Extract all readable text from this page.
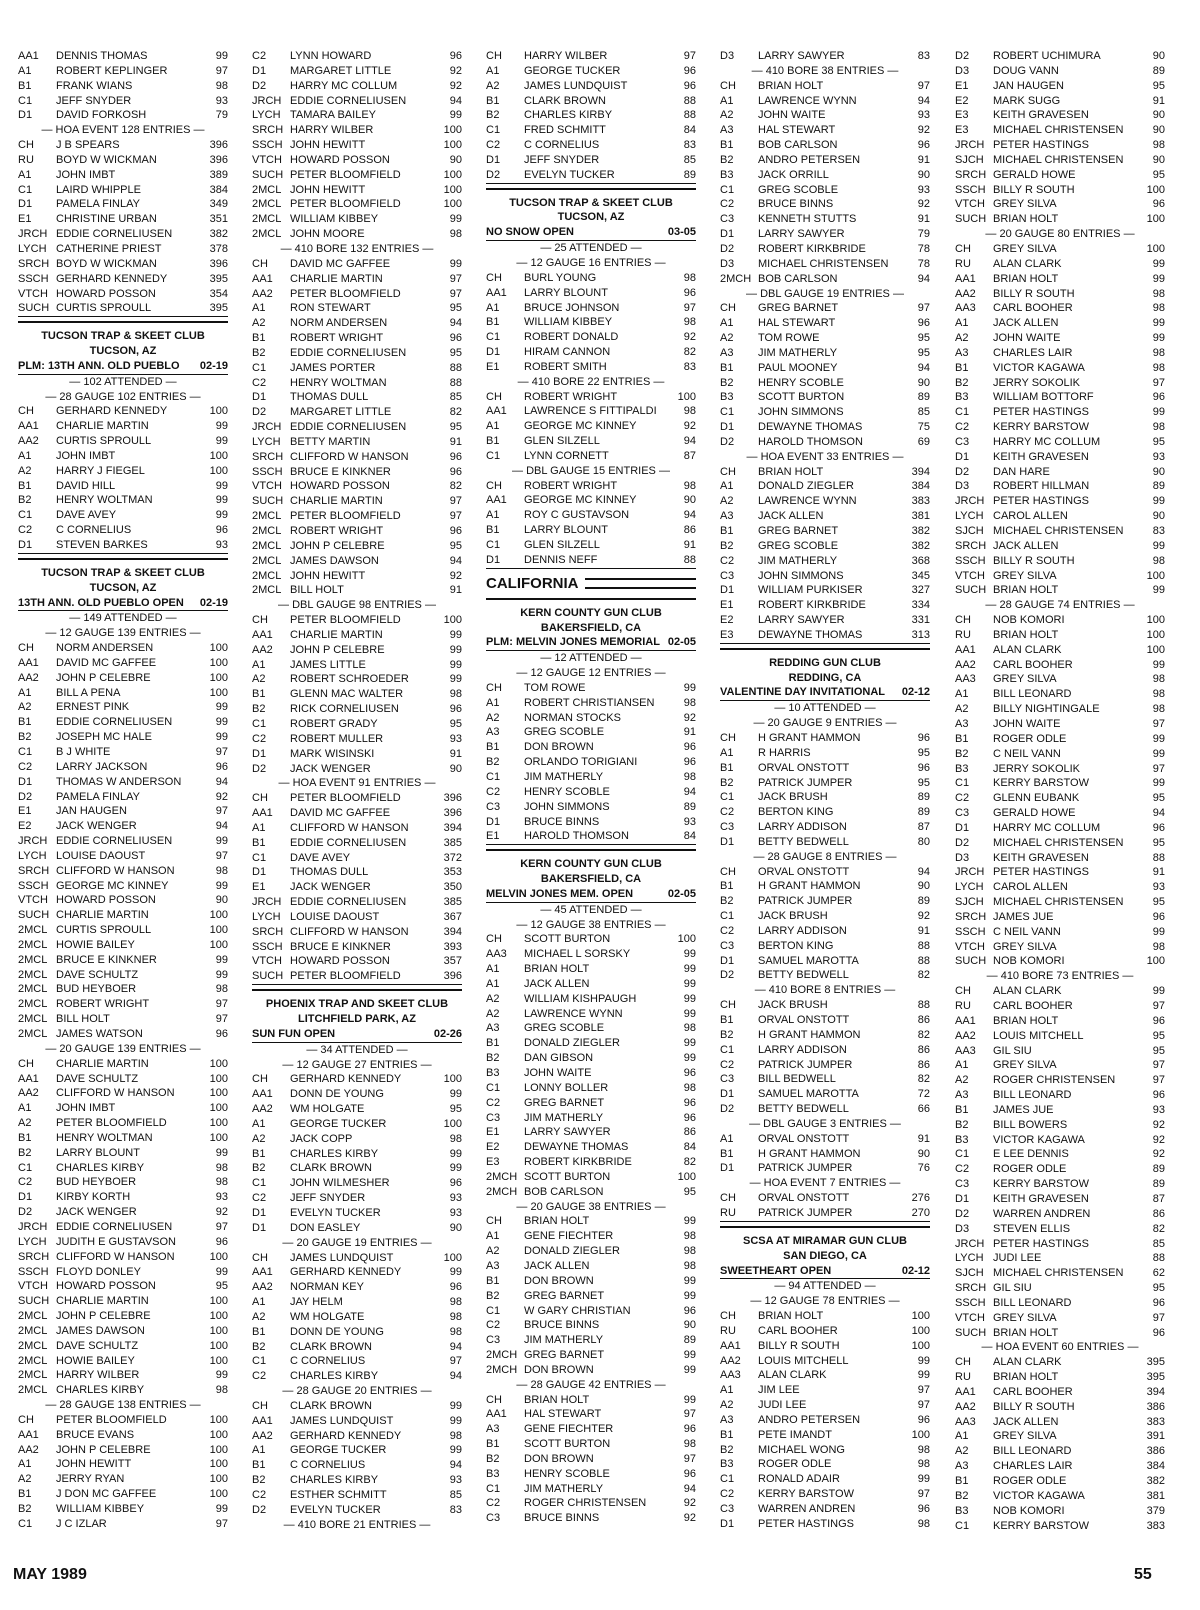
AA1	DENNIS THOMAS	99
A1	ROBERT KEPLINGER	97
B1	FRANK WIANS	98
C1	JEFF SNYDER	93
D1	DAVID FORKOSH	79
— HOA EVENT 128 ENTRIES —
CH	J B SPEARS	396
RU	BOYD W WICKMAN	396
A1	JOHN IMBT	389
C1	LAIRD WHIPPLE	384
D1	PAMELA FINLAY	349
E1	CHRISTINE URBAN	351
JRCH EDDIE CORNELIUSEN	382
LYCH CATHERINE PRIEST	378
SRCH BOYD W WICKMAN	396
SSCH GERHARD KENNEDY	395
VTCH HOWARD POSSON	354
SUCH CURTIS SPROULL	395
TUCSON TRAP & SKEET CLUB
TUCSON, AZ
PLM: 13TH ANN. OLD PUEBLO 02-19
— 102 ATTENDED —
— 28 GAUGE 102 ENTRIES —
CH	GERHARD KENNEDY	100
AA1	CHARLIE MARTIN	99
AA2	CURTIS SPROULL	99
A1	JOHN IMBT	100
A2	HARRY J FIEGEL	100
B1	DAVID HILL	99
B2	HENRY WOLTMAN	99
C1	DAVE AVEY	99
C2	C CORNELIUS	96
D1	STEVEN BARKES	93
TUCSON TRAP & SKEET CLUB
TUCSON, AZ
13TH ANN. OLD PUEBLO OPEN 02-19
— 149 ATTENDED —
— 12 GAUGE 139 ENTRIES —
CH	NORM ANDERSEN	100
AA1	DAVID MC GAFFEE	100
AA2	JOHN P CELEBRE	100
A1	BILL A PENA	100
A2	ERNEST PINK	99
B1	EDDIE CORNELIUSEN	99
B2	JOSEPH MC HALE	99
C1	B J WHITE	97
C2	LARRY JACKSON	96
D1	THOMAS W ANDERSON	94
D2	PAMELA FINLAY	92
E1	JAN HAUGEN	97
E2	JACK WENGER	94
JRCH EDDIE CORNELIUSEN	99
LYCH LOUISE DAOUST	97
SRCH CLIFFORD W HANSON	98
SSCH GEORGE MC KINNEY	99
VTCH HOWARD POSSON	90
SUCH CHARLIE MARTIN	100
2MCL CURTIS SPROULL	100
2MCL HOWIE BAILEY	100
2MCL BRUCE E KINKNER	99
2MCL DAVE SCHULTZ	99
2MCL BUD HEYBOER	98
2MCL ROBERT WRIGHT	97
2MCL BILL HOLT	97
2MCL JAMES WATSON	96
— 20 GAUGE 139 ENTRIES —
CH	CHARLIE MARTIN	100
AA1	DAVE SCHULTZ	100
AA2	CLIFFORD W HANSON	100
A1	JOHN IMBT	100
A2	PETER BLOOMFIELD	100
B1	HENRY WOLTMAN	100
B2	LARRY BLOUNT	99
C1	CHARLES KIRBY	98
C2	BUD HEYBOER	98
D1	KIRBY KORTH	93
D2	JACK WENGER	92
JRCH EDDIE CORNELIUSEN	97
LYCH JUDITH E GUSTAVSON	96
SRCH CLIFFORD W HANSON	100
SSCH FLOYD DONLEY	99
VTCH HOWARD POSSON	95
SUCH CHARLIE MARTIN	100
2MCL JOHN P CELEBRE	100
2MCL JAMES DAWSON	100
2MCL DAVE SCHULTZ	100
2MCL HOWIE BAILEY	100
2MCL HARRY WILBER	99
2MCL CHARLES KIRBY	98
— 28 GAUGE 138 ENTRIES —
CH	PETER BLOOMFIELD	100
AA1	BRUCE EVANS	100
AA2	JOHN P CELEBRE	100
A1	JOHN HEWITT	100
A2	JERRY RYAN	100
B1	J DON MC GAFFEE	100
B2	WILLIAM KIBBEY	99
C1	J C IZLAR	97
C2	LYNN HOWARD	96
D1	MARGARET LITTLE	92
D2	HARRY MC COLLUM	92
JRCH EDDIE CORNELIUSEN	94
LYCH TAMARA BAILEY	99
SRCH HARRY WILBER	100
SSCH JOHN HEWITT	100
VTCH HOWARD POSSON	90
SUCH PETER BLOOMFIELD	100
2MCL JOHN HEWITT	100
2MCL PETER BLOOMFIELD	100
2MCL WILLIAM KIBBEY	99
2MCL JOHN MOORE	98
— 410 BORE 132 ENTRIES —
CH	DAVID MC GAFFEE	99
AA1	CHARLIE MARTIN	97
AA2	PETER BLOOMFIELD	97
A1	RON STEWART	95
A2	NORM ANDERSEN	94
B1	ROBERT WRIGHT	96
B2	EDDIE CORNELIUSEN	95
C1	JAMES PORTER	88
C2	HENRY WOLTMAN	88
D1	THOMAS DULL	85
D2	MARGARET LITTLE	82
JRCH EDDIE CORNELIUSEN	95
LYCH BETTY MARTIN	91
SRCH CLIFFORD W HANSON	96
SSCH BRUCE E KINKNER	96
VTCH HOWARD POSSON	82
SUCH CHARLIE MARTIN	97
2MCL PETER BLOOMFIELD	97
2MCL ROBERT WRIGHT	96
2MCL JOHN P CELEBRE	95
2MCL JAMES DAWSON	94
2MCL JOHN HEWITT	92
2MCL BILL HOLT	91
— DBL GAUGE 98 ENTRIES —
CH	PETER BLOOMFIELD	100
AA1	CHARLIE MARTIN	99
AA2	JOHN P CELEBRE	99
A1	JAMES LITTLE	99
A2	ROBERT SCHROEDER	99
B1	GLENN MAC WALTER	98
B2	RICK CORNELIUSEN	96
C1	ROBERT GRADY	95
C2	ROBERT MULLER	93
D1	MARK WISINSKI	91
D2	JACK WENGER	90
— HOA EVENT 91 ENTRIES —
CH	PETER BLOOMFIELD	396
AA1	DAVID MC GAFFEE	396
A1	CLIFFORD W HANSON	394
B1	EDDIE CORNELIUSEN	385
C1	DAVE AVEY	372
D1	THOMAS DULL	353
E1	JACK WENGER	350
JRCH EDDIE CORNELIUSEN	385
LYCH LOUISE DAOUST	367
SRCH CLIFFORD W HANSON	394
SSCH BRUCE E KINKNER	393
VTCH HOWARD POSSON	357
SUCH PETER BLOOMFIELD	396
PHOENIX TRAP AND SKEET CLUB
LITCHFIELD PARK, AZ
SUN FUN OPEN	02-26
— 34 ATTENDED —
— 12 GAUGE 27 ENTRIES —
CH	GERHARD KENNEDY	100
AA1	DONN DE YOUNG	99
AA2	WM HOLGATE	95
A1	GEORGE TUCKER	100
A2	JACK COPP	98
B1	CHARLES KIRBY	99
B2	CLARK BROWN	99
C1	JOHN WILMESHER	96
C2	JEFF SNYDER	93
D1	EVELYN TUCKER	93
D1	DON EASLEY	90
— 20 GAUGE 19 ENTRIES —
CH	JAMES LUNDQUIST	100
AA1	GERHARD KENNEDY	99
AA2	NORMAN KEY	96
A1	JAY HELM	98
A2	WM HOLGATE	98
B1	DONN DE YOUNG	98
B2	CLARK BROWN	94
C1	C CORNELIUS	97
C2	CHARLES KIRBY	94
— 28 GAUGE 20 ENTRIES —
CH	CLARK BROWN	99
AA1	JAMES LUNDQUIST	99
AA2	GERHARD KENNEDY	98
A1	GEORGE TUCKER	99
B1	C CORNELIUS	94
B2	CHARLES KIRBY	93
C2	ESTHER SCHMITT	85
D2	EVELYN TUCKER	83
— 410 BORE 21 ENTRIES —
CH	HARRY WILBER	97
A1	GEORGE TUCKER	96
A2	JAMES LUNDQUIST	96
B1	CLARK BROWN	88
B2	CHARLES KIRBY	88
C1	FRED SCHMITT	84
C2	C CORNELIUS	83
D1	JEFF SNYDER	85
D2	EVELYN TUCKER	89
TUCSON TRAP & SKEET CLUB
TUCSON, AZ
NO SNOW OPEN	03-05
— 25 ATTENDED —
— 12 GAUGE 16 ENTRIES —
CH	BURL YOUNG	98
AA1	LARRY BLOUNT	96
A1	BRUCE JOHNSON	97
B1	WILLIAM KIBBEY	98
C1	ROBERT DONALD	92
D1	HIRAM CANNON	82
E1	ROBERT SMITH	83
— 410 BORE 22 ENTRIES —
CH	ROBERT WRIGHT	100
AA1	LAWRENCE S FITTIPALDI	98
A1	GEORGE MC KINNEY	92
B1	GLEN SILZELL	94
C1	LYNN CORNETT	87
— DBL GAUGE 15 ENTRIES —
CH	ROBERT WRIGHT	98
AA1	GEORGE MC KINNEY	90
A1	ROY C GUSTAVSON	94
B1	LARRY BLOUNT	86
C1	GLEN SILZELL	91
D1	DENNIS NEFF	88
CALIFORNIA
KERN COUNTY GUN CLUB
BAKERSFIELD, CA
PLM: MELVIN JONES MEMORIAL 02-05
— 12 ATTENDED —
— 12 GAUGE 12 ENTRIES —
CH	TOM ROWE	99
A1	ROBERT CHRISTIANSEN	98
A2	NORMAN STOCKS	92
A3	GREG SCOBLE	91
B1	DON BROWN	96
B2	ORLANDO TORIGIANI	96
C1	JIM MATHERLY	98
C2	HENRY SCOBLE	94
C3	JOHN SIMMONS	89
D1	BRUCE BINNS	93
E1	HAROLD THOMSON	84
KERN COUNTY GUN CLUB
BAKERSFIELD, CA
MELVIN JONES MEM. OPEN	02-05
— 45 ATTENDED —
— 12 GAUGE 38 ENTRIES —
CH	SCOTT BURTON	100
AA3	MICHAEL L SORSKY	99
A1	BRIAN HOLT	99
A1	JACK ALLEN	99
A2	WILLIAM KISHPAUGH	99
A2	LAWRENCE WYNN	99
A3	GREG SCOBLE	98
B1	DONALD ZIEGLER	99
B2	DAN GIBSON	99
B3	JOHN WAITE	96
C1	LONNY BOLLER	98
C2	GREG BARNET	96
C3	JIM MATHERLY	96
E1	LARRY SAWYER	86
E2	DEWAYNE THOMAS	84
E3	ROBERT KIRKBRIDE	82
2MCH SCOTT BURTON	100
2MCH BOB CARLSON	95
— 20 GAUGE 38 ENTRIES —
CH	BRIAN HOLT	99
A1	GENE FIECHTER	98
A2	DONALD ZIEGLER	98
A3	JACK ALLEN	98
B1	DON BROWN	99
B2	GREG BARNET	99
C1	W GARY CHRISTIAN	96
C2	BRUCE BINNS	90
C3	JIM MATHERLY	89
2MCH GREG BARNET	99
2MCH DON BROWN	99
— 28 GAUGE 42 ENTRIES —
CH	BRIAN HOLT	99
AA1	HAL STEWART	97
A3	GENE FIECHTER	96
B1	SCOTT BURTON	98
B2	DON BROWN	97
B3	HENRY SCOBLE	96
C1	JIM MATHERLY	94
C2	ROGER CHRISTENSEN	92
C3	BRUCE BINNS	92
D3	LARRY SAWYER	83
— 410 BORE 38 ENTRIES —
CH	BRIAN HOLT	97
A1	LAWRENCE WYNN	94
A2	JOHN WAITE	93
A3	HAL STEWART	92
B1	BOB CARLSON	96
B2	ANDRO PETERSEN	91
B3	JACK ORRILL	90
C1	GREG SCOBLE	93
C2	BRUCE BINNS	92
C3	KENNETH STUTTS	91
D1	LARRY SAWYER	79
D2	ROBERT KIRKBRIDE	78
D3	MICHAEL CHRISTENSEN	78
2MCH BOB CARLSON	94
— DBL GAUGE 19 ENTRIES —
CH	GREG BARNET	97
A1	HAL STEWART	96
A2	TOM ROWE	95
A3	JIM MATHERLY	95
B1	PAUL MOONEY	94
B2	HENRY SCOBLE	90
B3	SCOTT BURTON	89
C1	JOHN SIMMONS	85
D1	DEWAYNE THOMAS	75
D2	HAROLD THOMSON	69
— HOA EVENT 33 ENTRIES —
CH	BRIAN HOLT	394
A1	DONALD ZIEGLER	384
A2	LAWRENCE WYNN	383
A3	JACK ALLEN	381
B1	GREG BARNET	382
B2	GREG SCOBLE	382
C2	JIM MATHERLY	368
C3	JOHN SIMMONS	345
D1	WILLIAM PURKISER	327
E1	ROBERT KIRKBRIDE	334
E2	LARRY SAWYER	331
E3	DEWAYNE THOMAS	313
REDDING GUN CLUB
REDDING, CA
VALENTINE DAY INVITATIONAL 02-12
— 10 ATTENDED —
— 20 GAUGE 9 ENTRIES —
CH	H GRANT HAMMON	96
A1	R HARRIS	95
B1	ORVAL ONSTOTT	96
B2	PATRICK JUMPER	95
C1	JACK BRUSH	89
C2	BERTON KING	89
C3	LARRY ADDISON	87
D1	BETTY BEDWELL	80
— 28 GAUGE 8 ENTRIES —
CH	ORVAL ONSTOTT	94
B1	H GRANT HAMMON	90
B2	PATRICK JUMPER	89
C1	JACK BRUSH	92
C2	LARRY ADDISON	91
C3	BERTON KING	88
D1	SAMUEL MAROTTA	88
D2	BETTY BEDWELL	82
— 410 BORE 8 ENTRIES —
CH	JACK BRUSH	88
B1	ORVAL ONSTOTT	86
B2	H GRANT HAMMON	82
C1	LARRY ADDISON	86
C2	PATRICK JUMPER	86
C3	BILL BEDWELL	82
D1	SAMUEL MAROTTA	72
D2	BETTY BEDWELL	66
— DBL GAUGE 3 ENTRIES —
A1	ORVAL ONSTOTT	91
B1	H GRANT HAMMON	90
D1	PATRICK JUMPER	76
— HOA EVENT 7 ENTRIES —
CH	ORVAL ONSTOTT	276
RU	PATRICK JUMPER	270
SCSA AT MIRAMAR GUN CLUB
SAN DIEGO, CA
SWEETHEART OPEN	02-12
— 94 ATTENDED —
— 12 GAUGE 78 ENTRIES —
CH	BRIAN HOLT	100
RU	CARL BOOHER	100
AA1	BILLY R SOUTH	100
AA2	LOUIS MITCHELL	99
AA3	ALAN CLARK	99
A1	JIM LEE	97
A2	JUDI LEE	97
A3	ANDRO PETERSEN	96
B1	PETE IMANDT	100
B2	MICHAEL WONG	98
B3	ROGER ODLE	98
C1	RONALD ADAIR	99
C2	KERRY BARSTOW	97
C3	WARREN ANDREN	96
D1	PETER HASTINGS	98
D2	ROBERT UCHIMURA	90
D3	DOUG VANN	89
E1	JAN HAUGEN	95
E2	MARK SUGG	91
E3	KEITH GRAVESEN	90
E3	MICHAEL CHRISTENSEN	90
JRCH PETER HASTINGS	98
SJCH MICHAEL CHRISTENSEN	90
SRCH GERALD HOWE	95
SSCH BILLY R SOUTH	100
VTCH GREY SILVA	96
SUCH BRIAN HOLT	100
— 20 GAUGE 80 ENTRIES —
CH	GREY SILVA	100
RU	ALAN CLARK	99
AA1	BRIAN HOLT	99
AA2	BILLY R SOUTH	98
AA3	CARL BOOHER	98
A1	JACK ALLEN	99
A2	JOHN WAITE	99
A3	CHARLES LAIR	98
B1	VICTOR KAGAWA	98
B2	JERRY SOKOLIK	97
B3	WILLIAM BOTTORF	96
C1	PETER HASTINGS	99
C2	KERRY BARSTOW	98
C3	HARRY MC COLLUM	95
D1	KEITH GRAVESEN	93
D2	DAN HARE	90
D3	ROBERT HILLMAN	89
JRCH PETER HASTINGS	99
LYCH CAROL ALLEN	90
SJCH MICHAEL CHRISTENSEN	83
SRCH JACK ALLEN	99
SSCH BILLY R SOUTH	98
VTCH GREY SILVA	100
SUCH BRIAN HOLT	99
— 28 GAUGE 74 ENTRIES —
CH	NOB KOMORI	100
RU	BRIAN HOLT	100
AA1	ALAN CLARK	100
AA2	CARL BOOHER	99
AA3	GREY SILVA	98
A1	BILL LEONARD	98
A2	BILLY NIGHTINGALE	98
A3	JOHN WAITE	97
B1	ROGER ODLE	99
B2	C NEIL VANN	99
B3	JERRY SOKOLIK	97
C1	KERRY BARSTOW	99
C2	GLENN EUBANK	95
C3	GERALD HOWE	94
D1	HARRY MC COLLUM	96
D2	MICHAEL CHRISTENSEN	95
D3	KEITH GRAVESEN	88
JRCH PETER HASTINGS	91
LYCH CAROL ALLEN	93
SJCH MICHAEL CHRISTENSEN	95
SRCH JAMES JUE	96
SSCH C NEIL VANN	99
VTCH GREY SILVA	98
SUCH NOB KOMORI	100
— 410 BORE 73 ENTRIES —
CH	ALAN CLARK	99
RU	CARL BOOHER	97
AA1	BRIAN HOLT	96
AA2	LOUIS MITCHELL	95
AA3	GIL SIU	95
A1	GREY SILVA	97
A2	ROGER CHRISTENSEN	97
A3	BILL LEONARD	96
B1	JAMES JUE	93
B2	BILL BOWERS	92
B3	VICTOR KAGAWA	92
C1	E LEE DENNIS	92
C2	ROGER ODLE	89
C3	KERRY BARSTOW	89
D1	KEITH GRAVESEN	87
D2	WARREN ANDREN	86
D3	STEVEN ELLIS	82
JRCH PETER HASTINGS	85
LYCH JUDI LEE	88
SJCH MICHAEL CHRISTENSEN	62
SRCH GIL SIU	95
SSCH BILL LEONARD	96
VTCH GREY SILVA	97
SUCH BRIAN HOLT	96
— HOA EVENT 60 ENTRIES —
CH	ALAN CLARK	395
RU	BRIAN HOLT	395
AA1	CARL BOOHER	394
AA2	BILLY R SOUTH	386
AA3	JACK ALLEN	383
A1	GREY SILVA	391
A2	BILL LEONARD	386
A3	CHARLES LAIR	384
B1	ROGER ODLE	382
B2	VICTOR KAGAWA	381
B3	NOB KOMORI	379
C1	KERRY BARSTOW	383
MAY 1989	55
